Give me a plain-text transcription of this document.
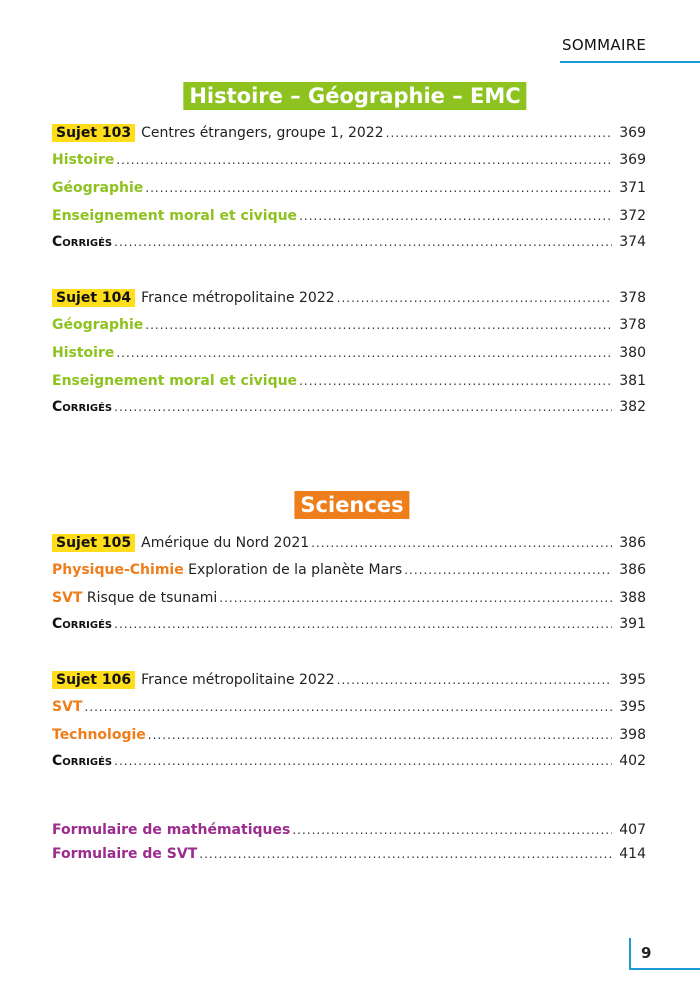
SOMMAIRE
Histoire – Géographie – EMC
Sujet 103 Centres étrangers, groupe 1, 2022 .....	369
Histoire .....	369
Géographie .....	371
Enseignement moral et civique .....	372
Corrigés .....	374
Sujet 104 France métropolitaine 2022 .....	378
Géographie .....	378
Histoire .....	380
Enseignement moral et civique .....	381
Corrigés .....	382
Sciences
Sujet 105 Amérique du Nord 2021 .....	386
Physique-Chimie Exploration de la planète Mars .....	386
SVT Risque de tsunami .....	388
Corrigés .....	391
Sujet 106 France métropolitaine 2022 .....	395
SVT .....	395
Technologie .....	398
Corrigés .....	402
Formulaire de mathématiques .....	407
Formulaire de SVT .....	414
9
